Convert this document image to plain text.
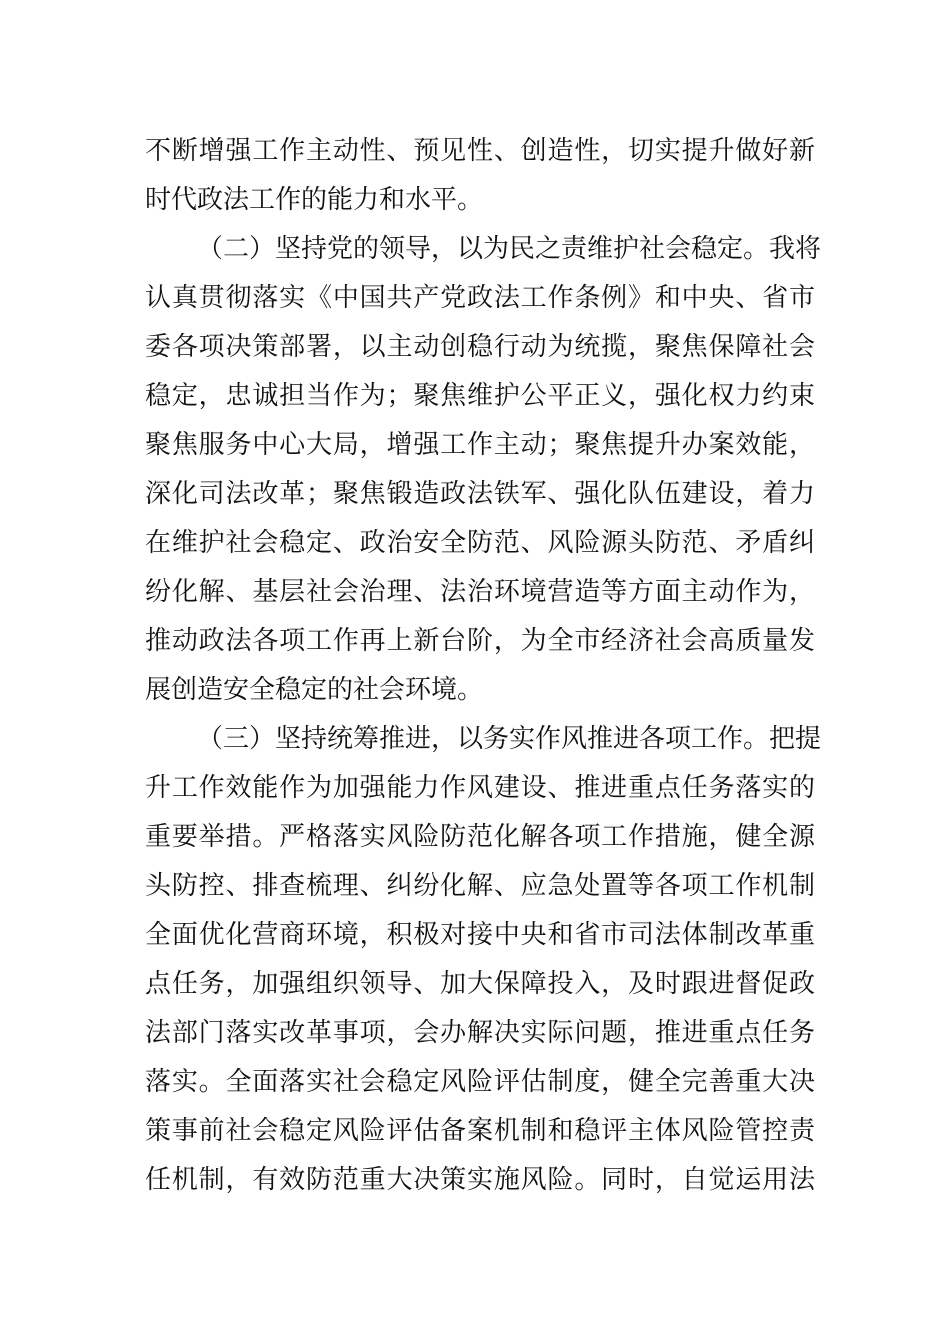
不断增强工作主动性、预见性、创造性，切实提升做好新
时代政法工作的能力和水平。
（二）坚持党的领导，以为民之责维护社会稳定。我将
认真贯彻落实《中国共产党政法工作条例》和中央、省市
委各项决策部署，以主动创稳行动为统揽，聚焦保障社会
稳定，忠诚担当作为；聚焦维护公平正义，强化权力约束
聚焦服务中心大局，增强工作主动；聚焦提升办案效能，
深化司法改革；聚焦锻造政法铁军、强化队伍建设，着力
在维护社会稳定、政治安全防范、风险源头防范、矛盾纠
纷化解、基层社会治理、法治环境营造等方面主动作为，
推动政法各项工作再上新台阶，为全市经济社会高质量发
展创造安全稳定的社会环境。
（三）坚持统筹推进，以务实作风推进各项工作。把提
升工作效能作为加强能力作风建设、推进重点任务落实的
重要举措。严格落实风险防范化解各项工作措施，健全源
头防控、排查梳理、纠纷化解、应急处置等各项工作机制
全面优化营商环境，积极对接中央和省市司法体制改革重
点任务，加强组织领导、加大保障投入，及时跟进督促政
法部门落实改革事项，会办解决实际问题，推进重点任务
落实。全面落实社会稳定风险评估制度，健全完善重大决
策事前社会稳定风险评估备案机制和稳评主体风险管控责
任机制，有效防范重大决策实施风险。同时，自觉运用法
